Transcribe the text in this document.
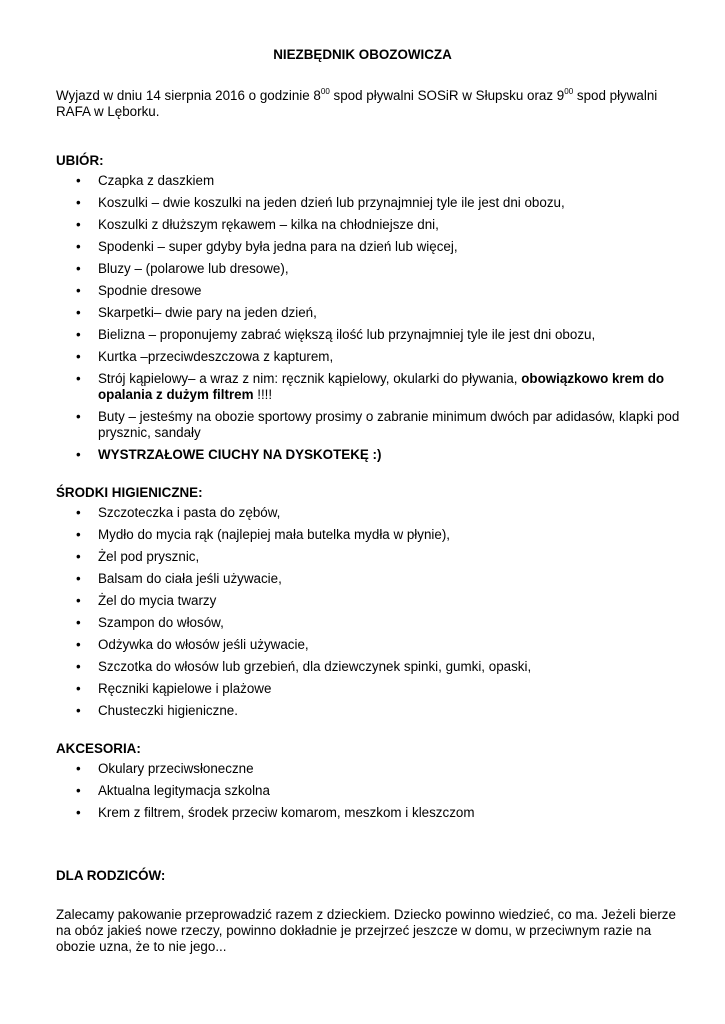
NIEZBĘDNIK OBOZOWICZA

Wyjazd w dniu 14 sierpnia 2016 o godzinie $8^{00}$ spod pływalni SOSiR w Słupsku oraz $9^{00}$ spod pływalni RAFA w Lęborku.

UBIÓR:

• Czapka z daszkiem
• Koszulki – dwie koszulki na jeden dzień lub przynajmniej tyle ile jest dni obozu,
• Koszulki z dłuższym rękawem – kilka na chłodniejsze dni,
• Spodenki – super gdyby była jedna para na dzień lub więcej,
• Bluzy – (polarowe lub dresowe),
• Spodnie dresowe
• Skarpetki– dwie pary na jeden dzień,
• Bielizna – proponujemy zabrać większą ilość lub przynajmniej tyle ile jest dni obozu,
• Kurtka –przeciwdeszczowa z kapturem,
• Strój kąpielowy– a wraz z nim: ręcznik kąpielowy, okularki do pływania, obowiązkowo krem do opalania z dużym filtrem !!!!
• Buty – jesteśmy na obozie sportowy prosimy o zabranie minimum dwóch par adidasów, klapki pod prysznic, sandały
• WYSTRZAŁOWE CIUCHY NA DYSKOTEKĘ :)

ŚRODKI HIGIENICZNE:

• Szczoteczka i pasta do zębów,
• Mydło do mycia rąk (najlepiej mała butelka mydła w płynie),
• Żel pod prysznic,
• Balsam do ciała jeśli używacie,
• Żel do mycia twarzy
• Szampon do włosów,
• Odżywka do włosów jeśli używacie,
• Szczotka do włosów lub grzebień, dla dziewczynek spinki, gumki, opaski,
• Ręczniki kąpielowe i plażowe
• Chusteczki higieniczne.

AKCESORIA:

• Okulary przeciwsłoneczne
• Aktualna legitymacja szkolna
• Krem z filtrem, środek przeciw komarom, meszkom i kleszczom

DLA RODZICÓW:

Zalecamy pakowanie przeprowadzić razem z dzieckiem. Dziecko powinno wiedzieć, co ma. Jeżeli bierze na obóz jakieś nowe rzeczy, powinno dokładnie je przejrzeć jeszcze w domu, w przeciwnym razie na obozie uzna, że to nie jego...
